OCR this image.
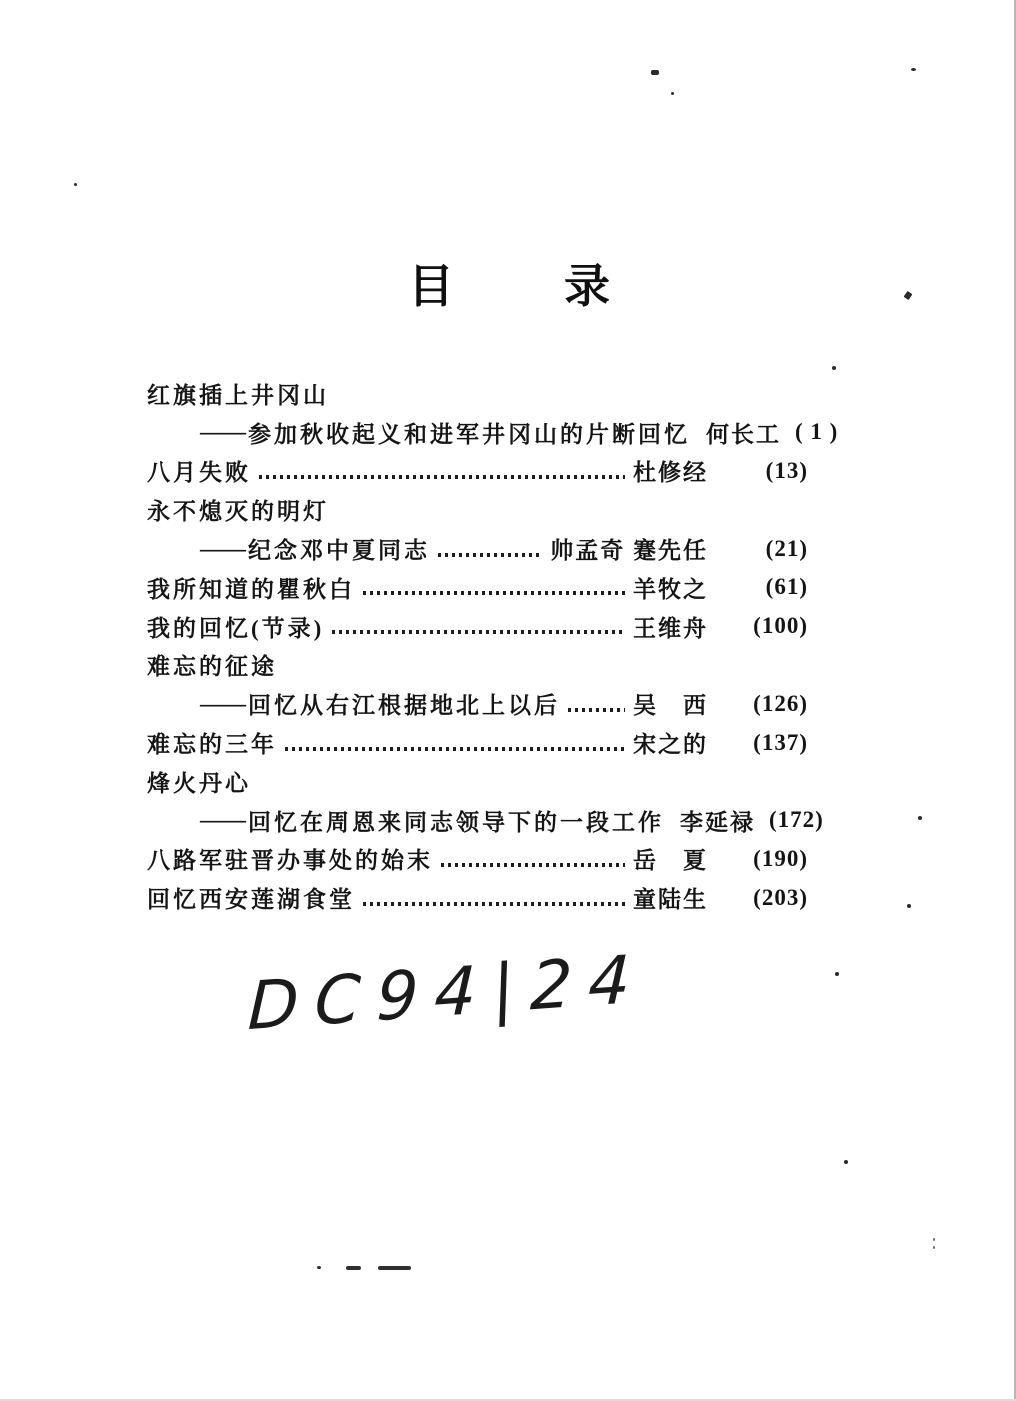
目　　录
红旗插上井冈山
—— 参加秋收起义和进军井冈山的片断回忆 何长工 ( 1 )
八月失败	杜修经	(13)
永不熄灭的明灯
—— 纪念邓中夏同志	帅孟奇 蹇先任	(21)
我所知道的瞿秋白	羊牧之	(61)
我的回忆(节录)	王维舟	(100)
难忘的征途
—— 回忆从右江根据地北上以后	吴　西	(126)
难忘的三年	宋之的	(137)
烽火丹心
—— 回忆在周恩来同志领导下的一段工作 李延禄 (172)
八路军驻晋办事处的始末	岳　夏	(190)
回忆西安莲湖食堂	童陆生	(203)
DC94|24
